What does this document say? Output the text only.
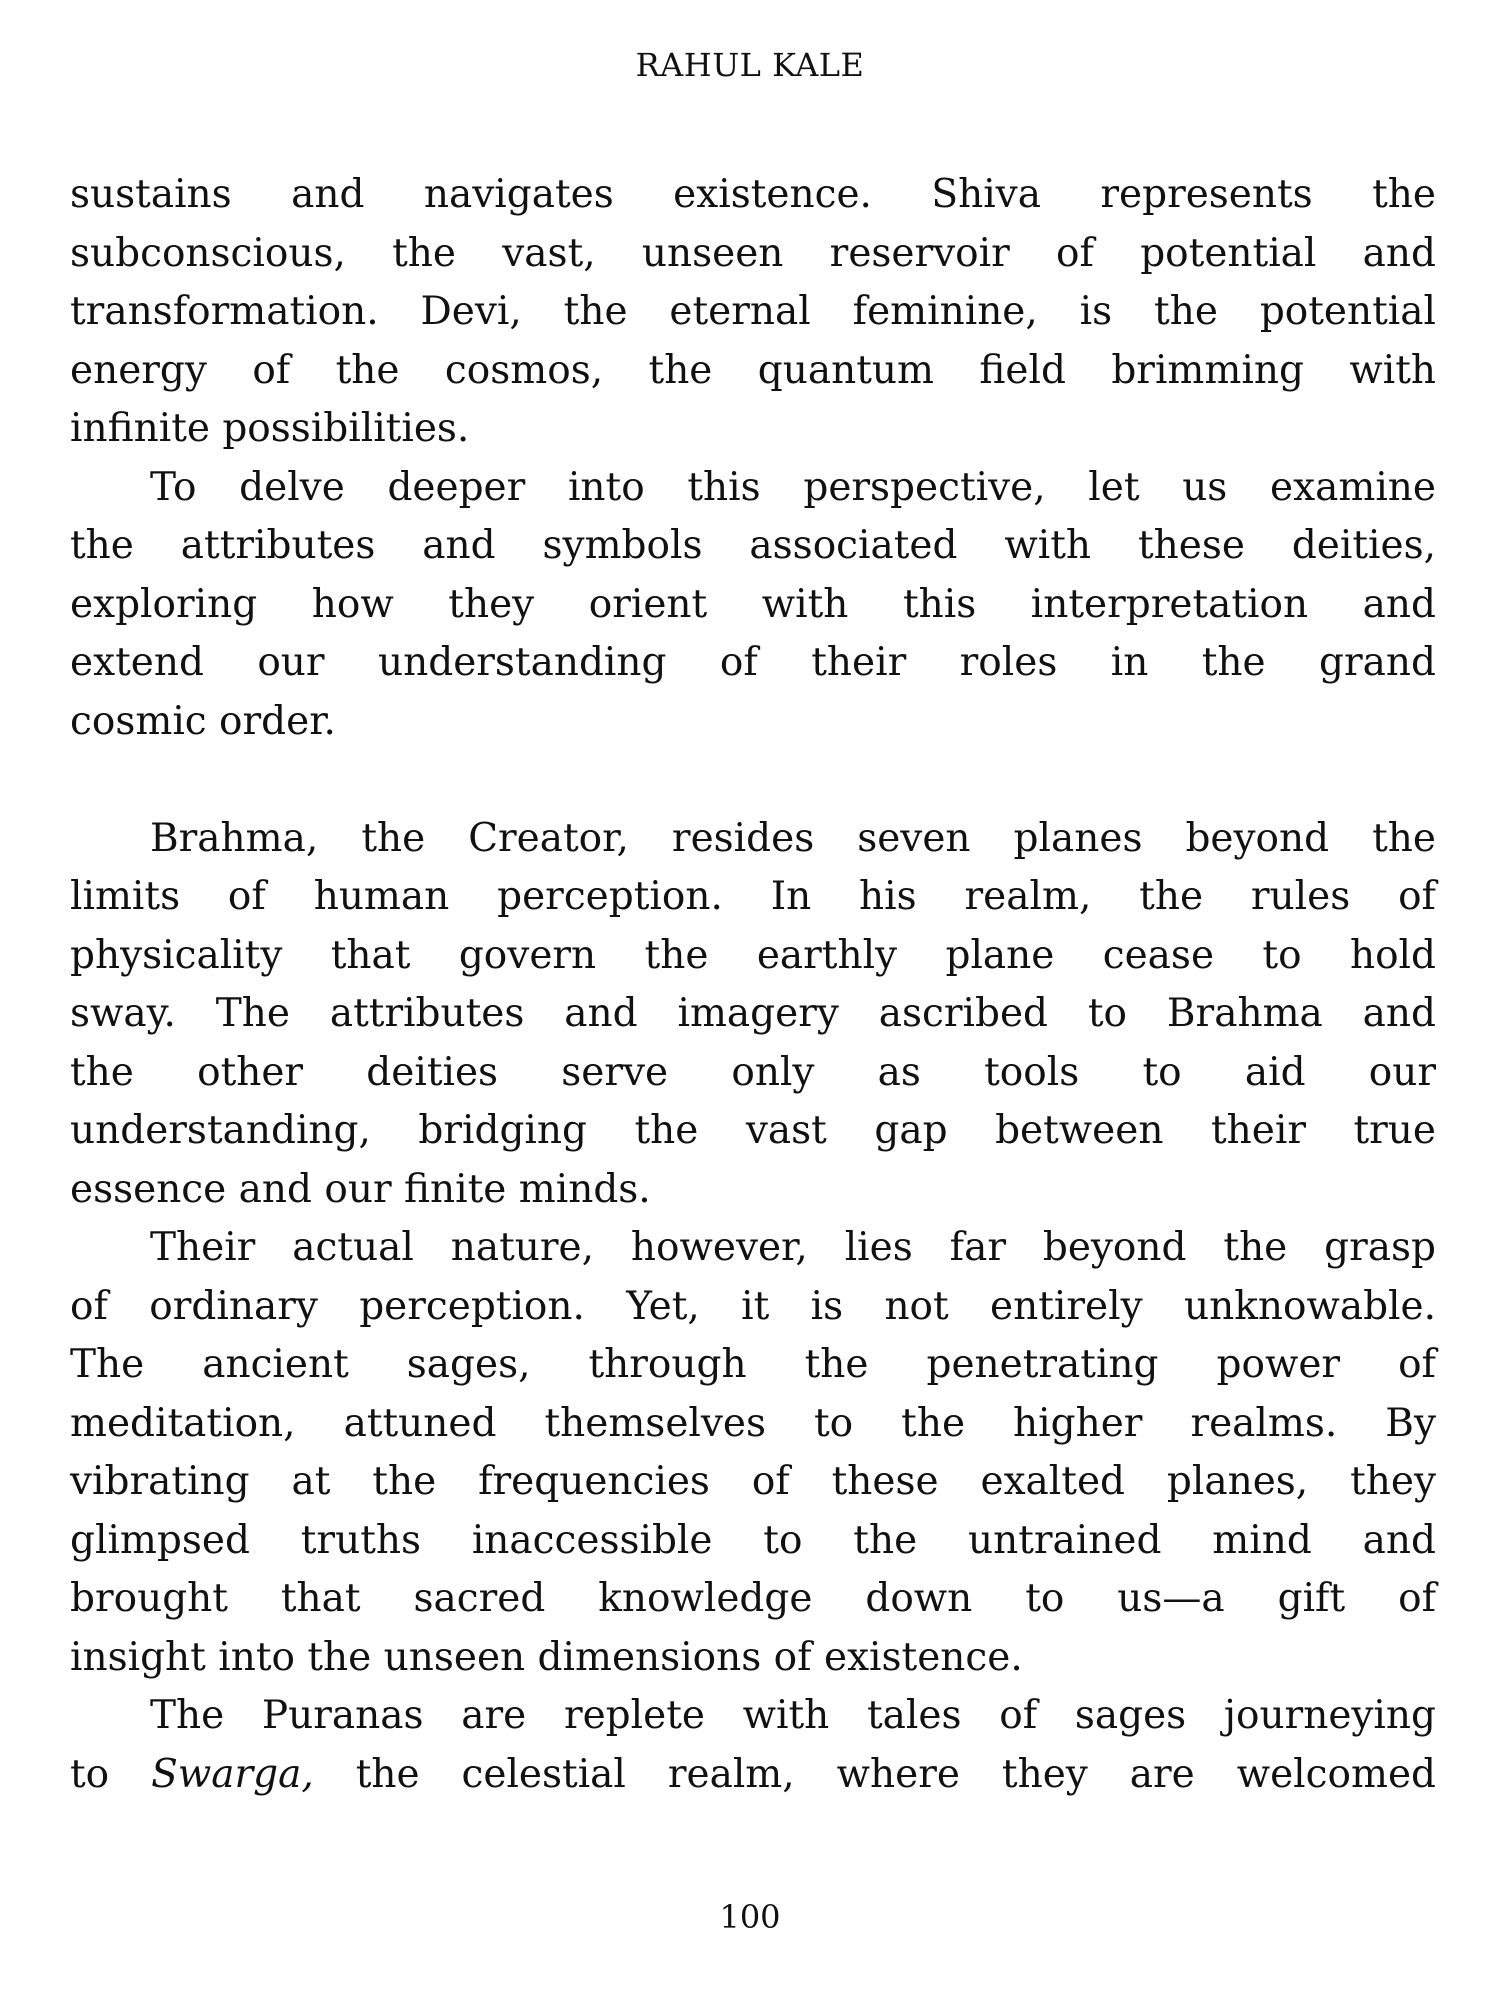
RAHUL KALE

sustains and navigates existence. Shiva represents the
subconscious, the vast, unseen reservoir of potential and
transformation. Devi, the eternal feminine, is the potential
energy of the cosmos, the quantum field brimming with
infinite possibilities.

To delve deeper into this perspective, let us examine
the attributes and symbols associated with these deities,
exploring how they orient with this interpretation and
extend our understanding of their roles in the grand
cosmic order.

Brahma, the Creator, resides seven planes beyond the
limits of human perception. In his realm, the rules of
physicality that govern the earthly plane cease to hold
sway. The attributes and imagery ascribed to Brahma and
the other deities serve only as tools to aid our
understanding, bridging the vast gap between their true
essence and our finite minds.

Their actual nature, however, lies far beyond the grasp
of ordinary perception. Yet, it is not entirely unknowable.
The ancient sages, through the penetrating power of
meditation, attuned themselves to the higher realms. By
vibrating at the frequencies of these exalted planes, they
glimpsed truths inaccessible to the untrained mind and
brought that sacred knowledge down to us—a gift of
insight into the unseen dimensions of existence.

The Puranas are replete with tales of sages journeying
to Swarga, the celestial realm, where they are welcomed

100
